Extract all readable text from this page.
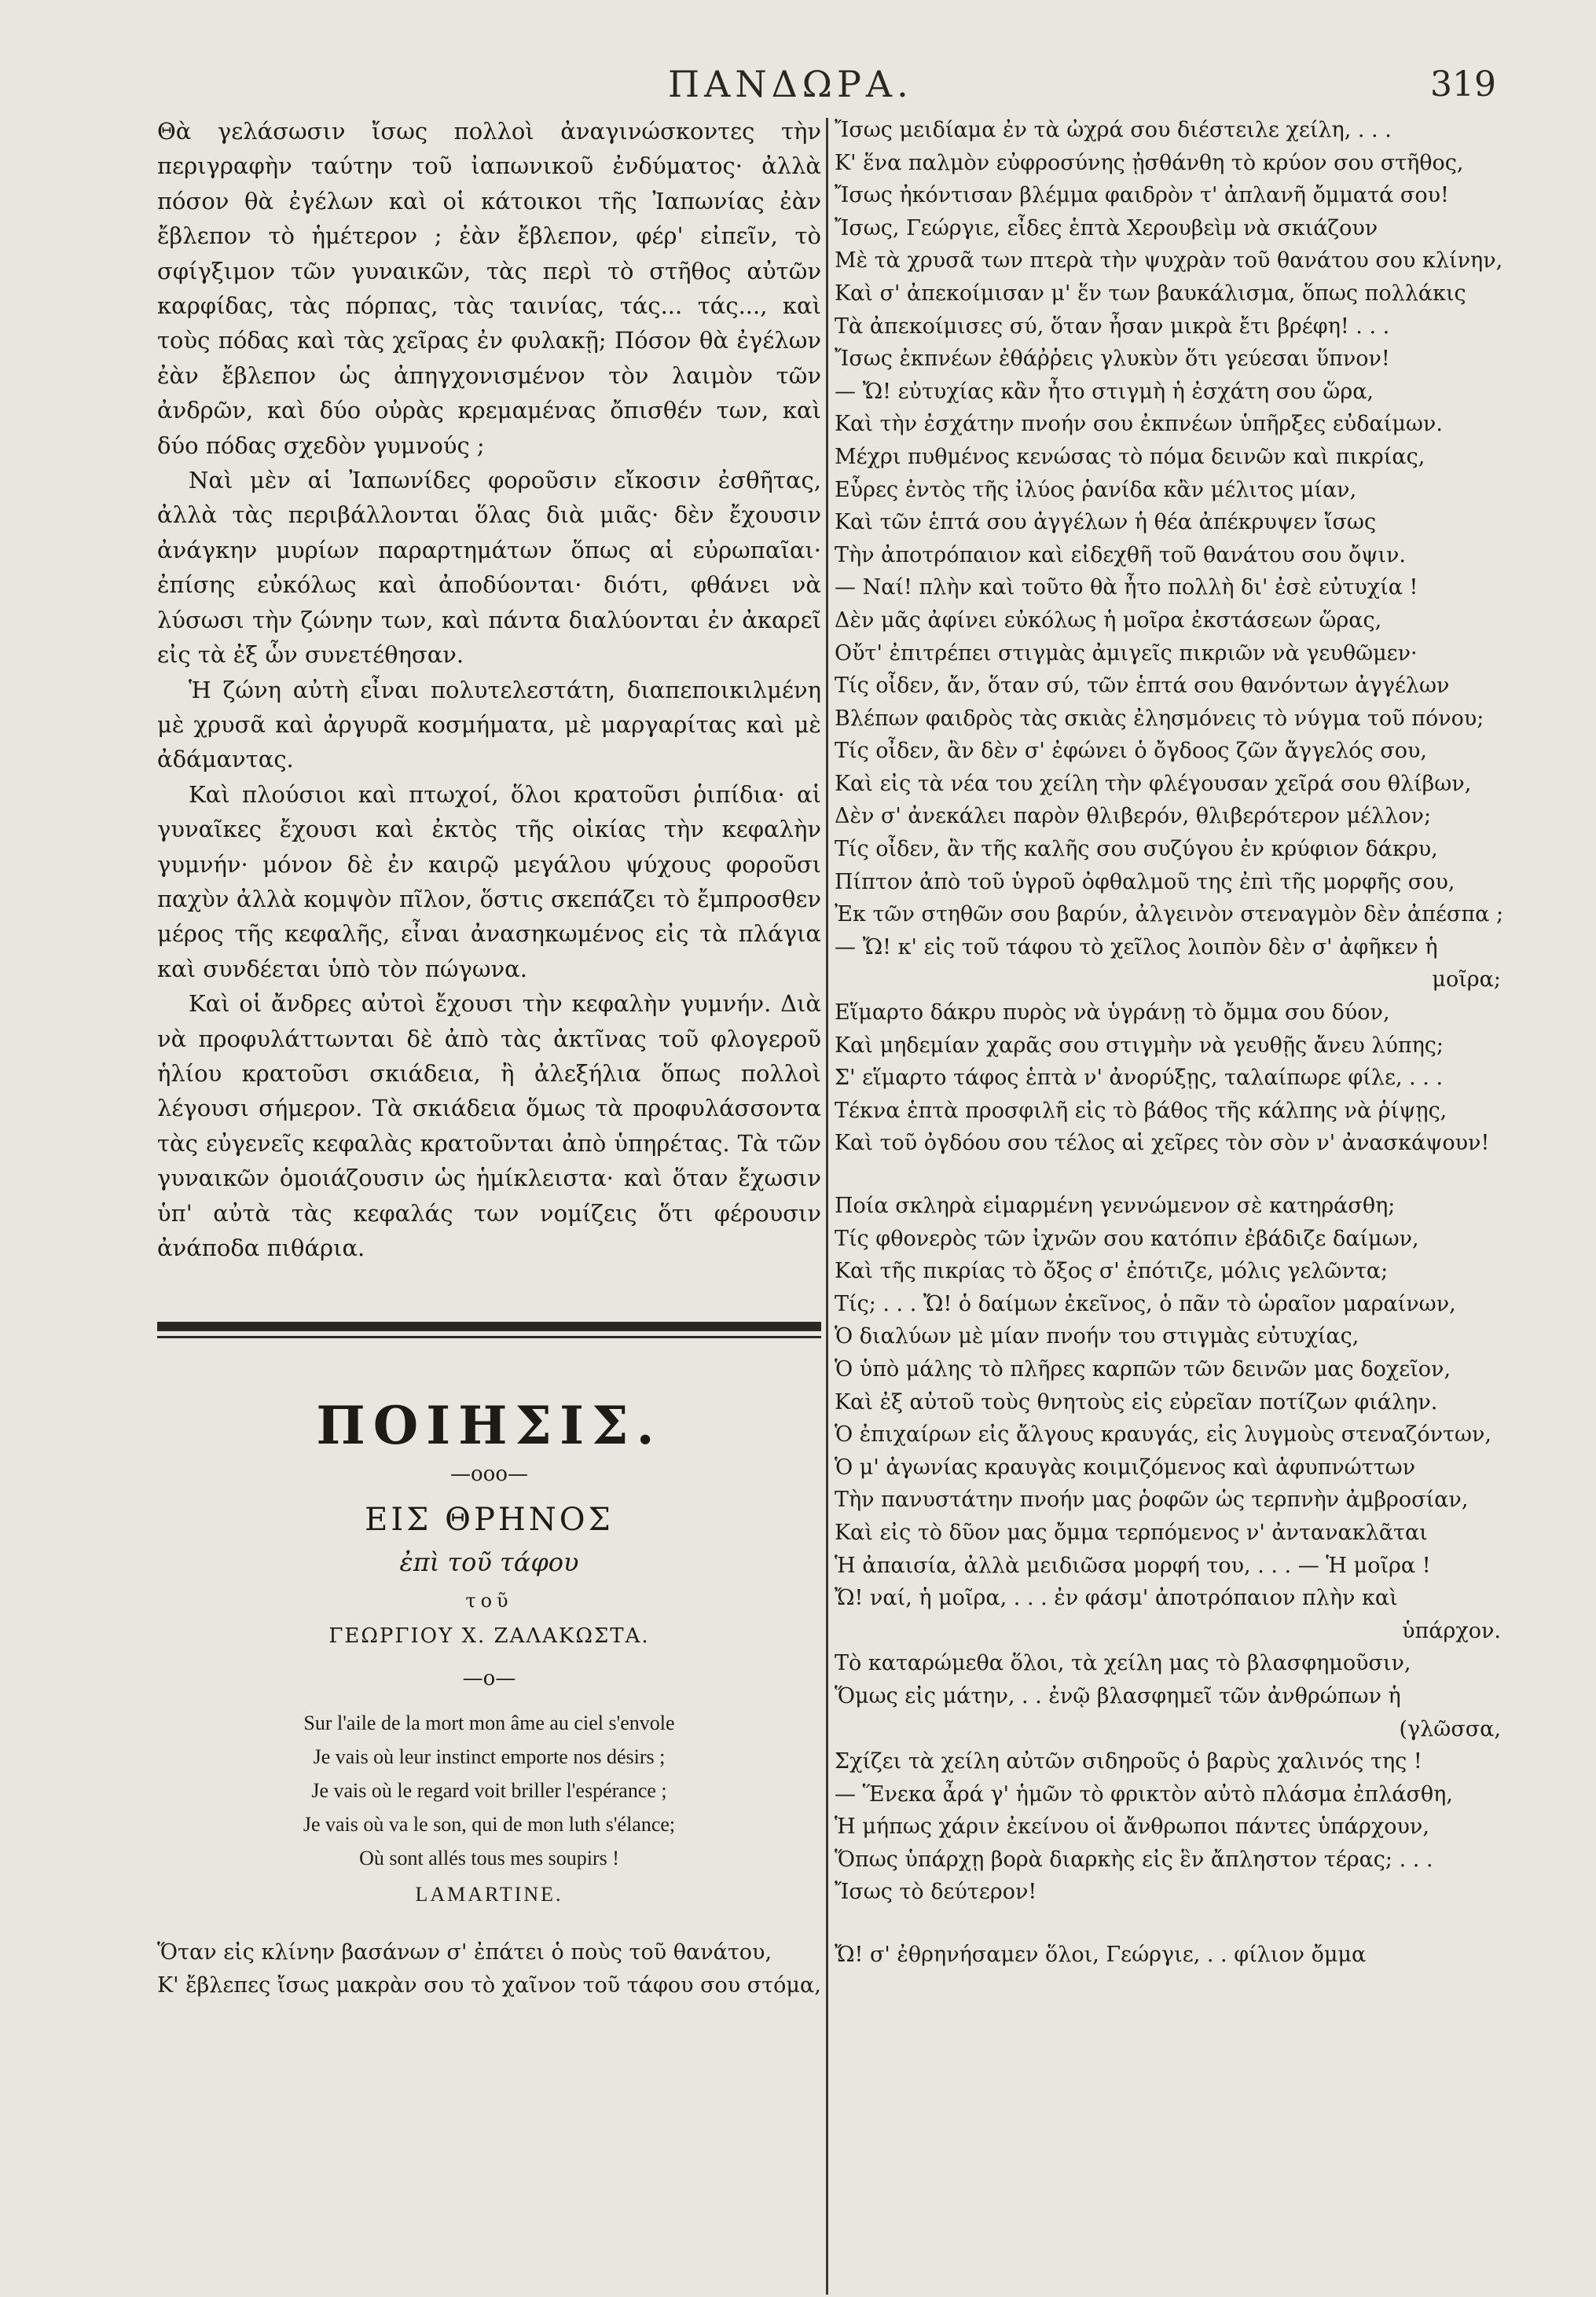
ΠΑΝΔΩΡΑ.	319

Θὰ γελάσωσιν ἴσως πολλοὶ ἀναγινώσκοντες τὴν περιγραφὴν ταύτην τοῦ ἰαπωνικοῦ ἐνδύματος· ἀλλὰ πόσον θὰ ἐγέλων καὶ οἱ κάτοικοι τῆς Ἰαπωνίας ἐὰν ἔβλεπον τὸ ἡμέτερον ; ἐὰν ἔβλεπον, φέρ' εἰπεῖν, τὸ σφίγξιμον τῶν γυναικῶν, τὰς περὶ τὸ στῆθος αὐτῶν καρφίδας, τὰς πόρπας, τὰς ταινίας, τάς... τάς..., καὶ τοὺς πόδας καὶ τὰς χεῖρας ἐν φυλακῇ; Πόσον θὰ ἐγέλων ἐὰν ἔβλεπον ὡς ἀπηγχονισμένον τὸν λαιμὸν τῶν ἀνδρῶν, καὶ δύο οὐρὰς κρεμαμένας ὄπισθέν των, καὶ δύο πόδας σχεδὸν γυμνούς ;

Ναὶ μὲν αἱ Ἰαπωνίδες φοροῦσιν εἴκοσιν ἐσθῆτας, ἀλλὰ τὰς περιβάλλονται ὅλας διὰ μιᾶς· δὲν ἔχουσιν ἀνάγκην μυρίων παραρτημάτων ὅπως αἱ εὐρωπαῖαι· ἐπίσης εὐκόλως καὶ ἀποδύονται· διότι, φθάνει νὰ λύσωσι τὴν ζώνην των, καὶ πάντα διαλύονται ἐν ἀκαρεῖ εἰς τὰ ἐξ ὧν συνετέθησαν.

Ἡ ζώνη αὐτὴ εἶναι πολυτελεστάτη, διαπεποικιλμένη μὲ χρυσᾶ καὶ ἀργυρᾶ κοσμήματα, μὲ μαργαρίτας καὶ μὲ ἀδάμαντας.

Καὶ πλούσιοι καὶ πτωχοί, ὅλοι κρατοῦσι ῥιπίδια· αἱ γυναῖκες ἔχουσι καὶ ἐκτὸς τῆς οἰκίας τὴν κεφαλὴν γυμνήν· μόνον δὲ ἐν καιρῷ μεγάλου ψύχους φοροῦσι παχὺν ἀλλὰ κομψὸν πῖλον, ὅστις σκεπάζει τὸ ἔμπροσθεν μέρος τῆς κεφαλῆς, εἶναι ἀνασηκωμένος εἰς τὰ πλάγια καὶ συνδέεται ὑπὸ τὸν πώγωνα.

Καὶ οἱ ἄνδρες αὐτοὶ ἔχουσι τὴν κεφαλὴν γυμνήν. Διὰ νὰ προφυλάττωνται δὲ ἀπὸ τὰς ἀκτῖνας τοῦ φλογεροῦ ἡλίου κρατοῦσι σκιάδεια, ἢ ἀλεξήλια ὅπως πολλοὶ λέγουσι σήμερον. Τὰ σκιάδεια ὅμως τὰ προφυλάσσοντα τὰς εὐγενεῖς κεφαλὰς κρατοῦνται ἀπὸ ὑπηρέτας. Τὰ τῶν γυναικῶν ὁμοιάζουσιν ὡς ἡμίκλειστα· καὶ ὅταν ἔχωσιν ὑπ' αὐτὰ τὰς κεφαλάς των νομίζεις ὅτι φέρουσιν ἀνάποδα πιθάρια.

ΠΟΙΗΣΙΣ.
—ooo—
ΕΙΣ ΘΡΗΝΟΣ
ἐπὶ τοῦ τάφου
τοῦ
ΓΕΩΡΓΙΟΥ Χ. ΖΑΛΑΚΩΣΤΑ.
—o—
Sur l'aile de la mort mon âme au ciel s'envole
Je vais où leur instinct emporte nos désirs ;
Je vais où le regard voit briller l'espérance ;
Je vais où va le son, qui de mon luth s'élance;
Où sont allés tous mes soupirs !
LAMARTINE.
Ὅταν εἰς κλίνην βασάνων σ' ἐπάτει ὁ ποὺς τοῦ θανάτου,
Κ' ἔβλεπες ἴσως μακρὰν σου τὸ χαῖνον τοῦ τάφου σου στόμα,
Ἴσως μειδίαμα ἐν τὰ ὠχρά σου διέστειλε χείλη, . . .
Κ' ἕνα παλμὸν εὐφροσύνης ᾐσθάνθη τὸ κρύον σου στῆθος,
Ἴσως ἠκόντισαν βλέμμα φαιδρὸν τ' ἀπλανῆ ὄμματά σου!
Ἴσως, Γεώργιε, εἶδες ἑπτὰ Χερουβεὶμ νὰ σκιάζουν
Μὲ τὰ χρυσᾶ των πτερὰ τὴν ψυχρὰν τοῦ θανάτου σου κλίνην,
Καὶ σ' ἀπεκοίμισαν μ' ἕν των βαυκάλισμα, ὅπως πολλάκις
Τὰ ἀπεκοίμισες σύ, ὅταν ἦσαν μικρὰ ἔτι βρέφη! . . .
Ἴσως ἐκπνέων ἐθάῤῥεις γλυκὺν ὅτι γεύεσαι ὕπνον!
— Ὤ! εὐτυχίας κἂν ἦτο στιγμὴ ἡ ἐσχάτη σου ὥρα,
Καὶ τὴν ἐσχάτην πνοήν σου ἐκπνέων ὑπῆρξες εὐδαίμων.
Μέχρι πυθμένος κενώσας τὸ πόμα δεινῶν καὶ πικρίας,
Εὗρες ἐντὸς τῆς ἰλύος ῥανίδα κἂν μέλιτος μίαν,
Καὶ τῶν ἑπτά σου ἀγγέλων ἡ θέα ἀπέκρυψεν ἴσως
Τὴν ἀποτρόπαιον καὶ εἰδεχθῆ τοῦ θανάτου σου ὄψιν.
— Ναί! πλὴν καὶ τοῦτο θὰ ἦτο πολλὴ δι' ἐσὲ εὐτυχία !
Δὲν μᾶς ἀφίνει εὐκόλως ἡ μοῖρα ἐκστάσεων ὥρας,
Οὔτ' ἐπιτρέπει στιγμὰς ἀμιγεῖς πικριῶν νὰ γευθῶμεν·
Τίς οἶδεν, ἄν, ὅταν σύ, τῶν ἑπτά σου θανόντων ἀγγέλων
Βλέπων φαιδρὸς τὰς σκιὰς ἐλησμόνεις τὸ νύγμα τοῦ πόνου;
Τίς οἶδεν, ἂν δὲν σ' ἐφώνει ὁ ὄγδοος ζῶν ἄγγελός σου,
Καὶ εἰς τὰ νέα του χείλη τὴν φλέγουσαν χεῖρά σου θλίβων,
Δὲν σ' ἀνεκάλει παρὸν θλιβερόν, θλιβερότερον μέλλον;
Τίς οἶδεν, ἂν τῆς καλῆς σου συζύγου ἐν κρύφιον δάκρυ,
Πίπτον ἀπὸ τοῦ ὑγροῦ ὀφθαλμοῦ της ἐπὶ τῆς μορφῆς σου,
Ἐκ τῶν στηθῶν σου βαρύν, ἀλγεινὸν στεναγμὸν δὲν ἀπέσπα ;
— Ὤ! κ' εἰς τοῦ τάφου τὸ χεῖλος λοιπὸν δὲν σ' ἀφῆκεν ἡ
μοῖρα;
Εἵμαρτο δάκρυ πυρὸς νὰ ὑγράνῃ τὸ ὄμμα σου δύον,
Καὶ μηδεμίαν χαρᾶς σου στιγμὴν νὰ γευθῇς ἄνευ λύπης;
Σ' εἵμαρτο τάφος ἑπτὰ ν' ἀνορύξῃς, ταλαίπωρε φίλε, . . .
Τέκνα ἑπτὰ προσφιλῆ εἰς τὸ βάθος τῆς κάλπης νὰ ῥίψῃς,
Καὶ τοῦ ὀγδόου σου τέλος αἱ χεῖρες τὸν σὸν ν' ἀνασκάψουν!
Ποία σκληρὰ εἱμαρμένη γεννώμενον σὲ κατηράσθη;
Τίς φθονερὸς τῶν ἰχνῶν σου κατόπιν ἐβάδιζε δαίμων,
Καὶ τῆς πικρίας τὸ ὄξος σ' ἐπότιζε, μόλις γελῶντα;
Τίς; . . . Ὤ! ὁ δαίμων ἐκεῖνος, ὁ πᾶν τὸ ὡραῖον μαραίνων,
Ὁ διαλύων μὲ μίαν πνοήν του στιγμὰς εὐτυχίας,
Ὁ ὑπὸ μάλης τὸ πλῆρες καρπῶν τῶν δεινῶν μας δοχεῖον,
Καὶ ἐξ αὐτοῦ τοὺς θνητοὺς εἰς εὐρεῖαν ποτίζων φιάλην.
Ὁ ἐπιχαίρων εἰς ἄλγους κραυγάς, εἰς λυγμοὺς στεναζόντων,
Ὁ μ' ἀγωνίας κραυγὰς κοιμιζόμενος καὶ ἀφυπνώττων
Τὴν πανυστάτην πνοήν μας ῥοφῶν ὡς τερπνὴν ἀμβροσίαν,
Καὶ εἰς τὸ δῦον μας ὄμμα τερπόμενος ν' ἀντανακλᾶται
Ἡ ἀπαισία, ἀλλὰ μειδιῶσα μορφή του, . . . — Ἡ μοῖρα !
Ὤ! ναί, ἡ μοῖρα, . . . ἐν φάσμ' ἀποτρόπαιον πλὴν καὶ
ὑπάρχον.
Τὸ καταρώμεθα ὅλοι, τὰ χείλη μας τὸ βλασφημοῦσιν,
Ὅμως εἰς μάτην, . . ἐνῷ βλασφημεῖ τῶν ἀνθρώπων ἡ
(γλῶσσα,
Σχίζει τὰ χείλη αὐτῶν σιδηροῦς ὁ βαρὺς χαλινός της !
— Ἕνεκα ἆρά γ' ἡμῶν τὸ φρικτὸν αὐτὸ πλάσμα ἐπλάσθη,
Ἡ μήπως χάριν ἐκείνου οἱ ἄνθρωποι πάντες ὑπάρχουν,
Ὅπως ὑπάρχῃ βορὰ διαρκὴς εἰς ἓν ἄπληστον τέρας; . . .
Ἴσως τὸ δεύτερον!
Ὤ! σ' ἐθρηνήσαμεν ὅλοι, Γεώργιε, . . φίλιον ὄμμα
